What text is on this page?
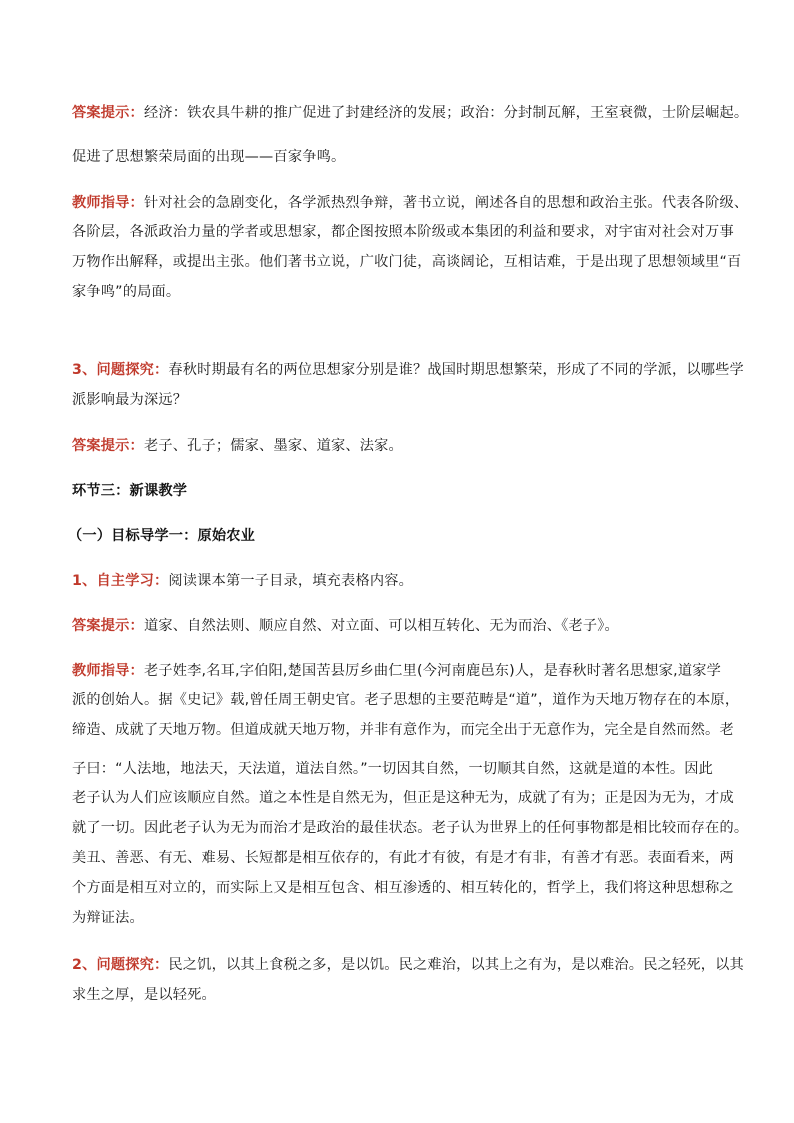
答案提示：经济：铁农具牛耕的推广促进了封建经济的发展；政治：分封制瓦解，王室衰微，士阶层崛起。
促进了思想繁荣局面的出现——百家争鸣。
教师指导：针对社会的急剧变化，各学派热烈争辩，著书立说，阐述各自的思想和政治主张。代表各阶级、
各阶层，各派政治力量的学者或思想家，都企图按照本阶级或本集团的利益和要求，对宇宙对社会对万事
万物作出解释，或提出主张。他们著书立说，广收门徒，高谈阔论，互相诘难，于是出现了思想领域里“百
家争鸣”的局面。
3、问题探究：春秋时期最有名的两位思想家分别是谁？战国时期思想繁荣，形成了不同的学派，以哪些学
派影响最为深远？
答案提示：老子、孔子；儒家、墨家、道家、法家。
环节三：新课教学
（一）目标导学一：原始农业
1、自主学习：阅读课本第一子目录，填充表格内容。
答案提示：道家、自然法则、顺应自然、对立面、可以相互转化、无为而治、《老子》。
教师指导：老子姓李,名耳,字伯阳,楚国苦县厉乡曲仁里(今河南鹿邑东)人，是春秋时著名思想家,道家学
派的创始人。据《史记》载,曾任周王朝史官。老子思想的主要范畴是“道”，道作为天地万物存在的本原，
缔造、成就了天地万物。但道成就天地万物，并非有意作为，而完全出于无意作为，完全是自然而然。老
子曰：“人法地，地法天，天法道，道法自然。”一切因其自然，一切顺其自然，这就是道的本性。因此
老子认为人们应该顺应自然。道之本性是自然无为，但正是这种无为，成就了有为；正是因为无为，才成
就了一切。因此老子认为无为而治才是政治的最佳状态。老子认为世界上的任何事物都是相比较而存在的。
美丑、善恶、有无、难易、长短都是相互依存的，有此才有彼，有是才有非，有善才有恶。表面看来，两
个方面是相互对立的，而实际上又是相互包含、相互渗透的、相互转化的，哲学上，我们将这种思想称之
为辩证法。
2、问题探究：民之饥，以其上食税之多，是以饥。民之难治，以其上之有为，是以难治。民之轻死，以其
求生之厚，是以轻死。
